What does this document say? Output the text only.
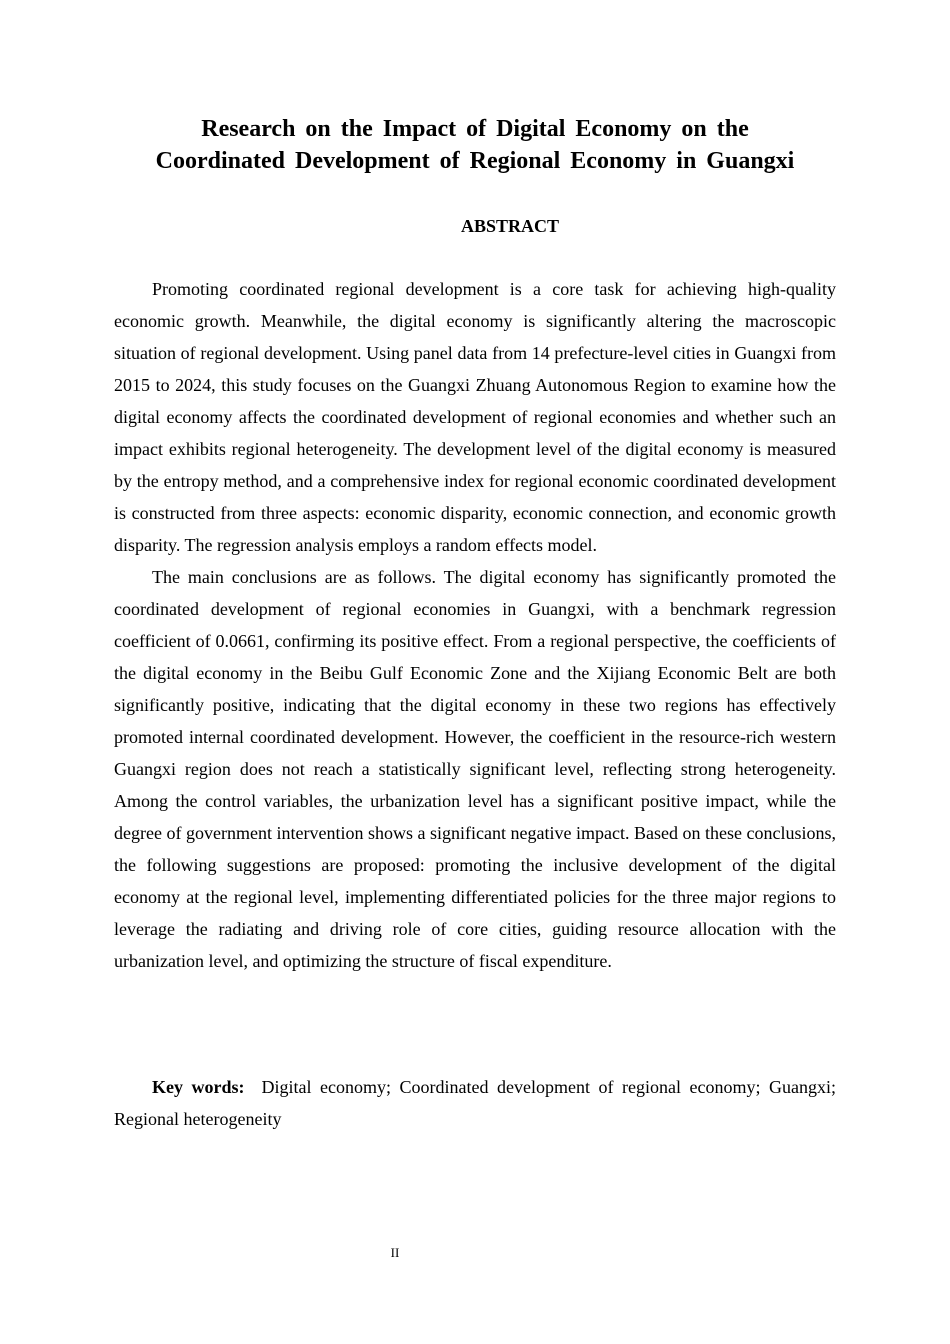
Research on the Impact of Digital Economy on the
Coordinated Development of Regional Economy in Guangxi
ABSTRACT

Promoting coordinated regional development is a core task for achieving high-quality economic growth. Meanwhile, the digital economy is significantly altering the macroscopic situation of regional development. Using panel data from 14 prefecture-level cities in Guangxi from 2015 to 2024, this study focuses on the Guangxi Zhuang Autonomous Region to examine how the digital economy affects the coordinated development of regional economies and whether such an impact exhibits regional heterogeneity. The development level of the digital economy is measured by the entropy method, and a comprehensive index for regional economic coordinated development is constructed from three aspects: economic disparity, economic connection, and economic growth disparity. The regression analysis employs a random effects model.

The main conclusions are as follows. The digital economy has significantly promoted the coordinated development of regional economies in Guangxi, with a benchmark regression coefficient of 0.0661, confirming its positive effect. From a regional perspective, the coefficients of the digital economy in the Beibu Gulf Economic Zone and the Xijiang Economic Belt are both significantly positive, indicating that the digital economy in these two regions has effectively promoted internal coordinated development. However, the coefficient in the resource-rich western Guangxi region does not reach a statistically significant level, reflecting strong heterogeneity. Among the control variables, the urbanization level has a significant positive impact, while the degree of government intervention shows a significant negative impact. Based on these conclusions, the following suggestions are proposed: promoting the inclusive development of the digital economy at the regional level, implementing differentiated policies for the three major regions to leverage the radiating and driving role of core cities, guiding resource allocation with the urbanization level, and optimizing the structure of fiscal expenditure.

Key words: Digital economy; Coordinated development of regional economy; Guangxi; Regional heterogeneity

II
